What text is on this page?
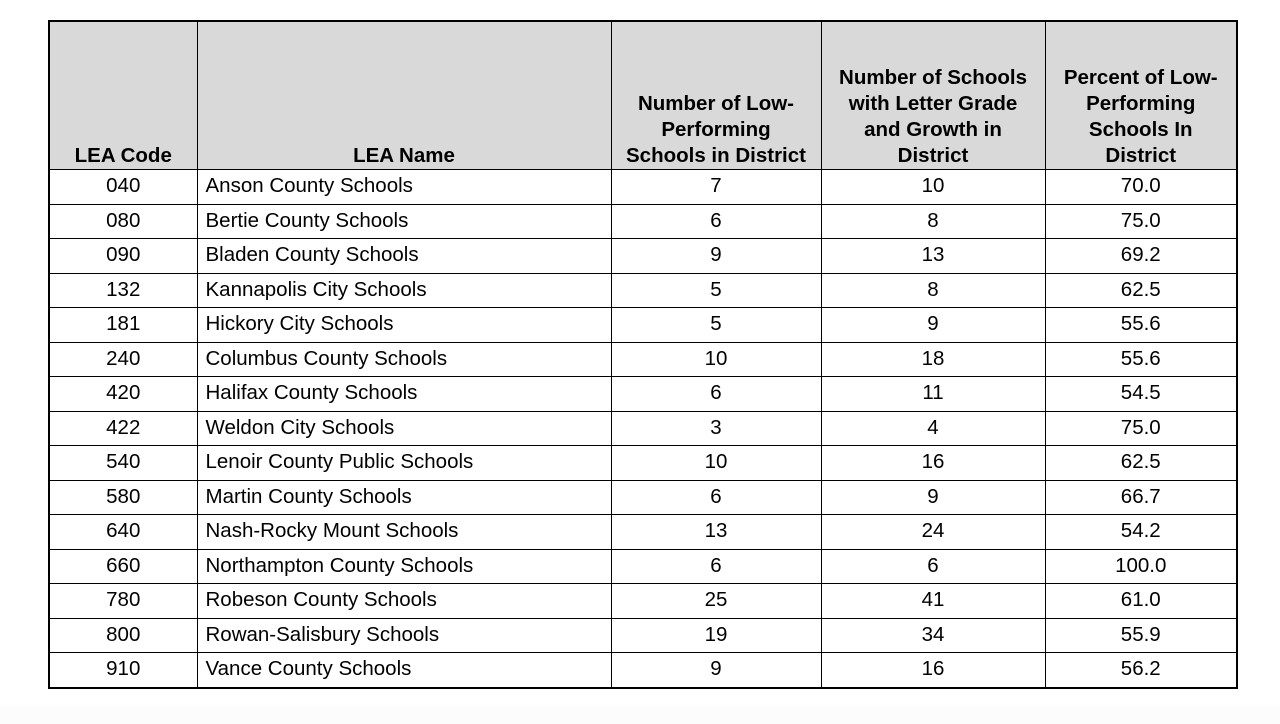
LEA Code	LEA Name	Number of Low-
Performing
Schools in District	Number of Schools
with Letter Grade
and Growth in
District	Percent of Low-
Performing
Schools In
District

040	Anson County Schools	7	10	70.0
080	Bertie County Schools	6	8	75.0
090	Bladen County Schools	9	13	69.2
132	Kannapolis City Schools	5	8	62.5
181	Hickory City Schools	5	9	55.6
240	Columbus County Schools	10	18	55.6
420	Halifax County Schools	6	11	54.5
422	Weldon City Schools	3	4	75.0
540	Lenoir County Public Schools	10	16	62.5
580	Martin County Schools	6	9	66.7
640	Nash-Rocky Mount Schools	13	24	54.2
660	Northampton County Schools	6	6	100.0
780	Robeson County Schools	25	41	61.0
800	Rowan-Salisbury Schools	19	34	55.9
910	Vance County Schools	9	16	56.2
